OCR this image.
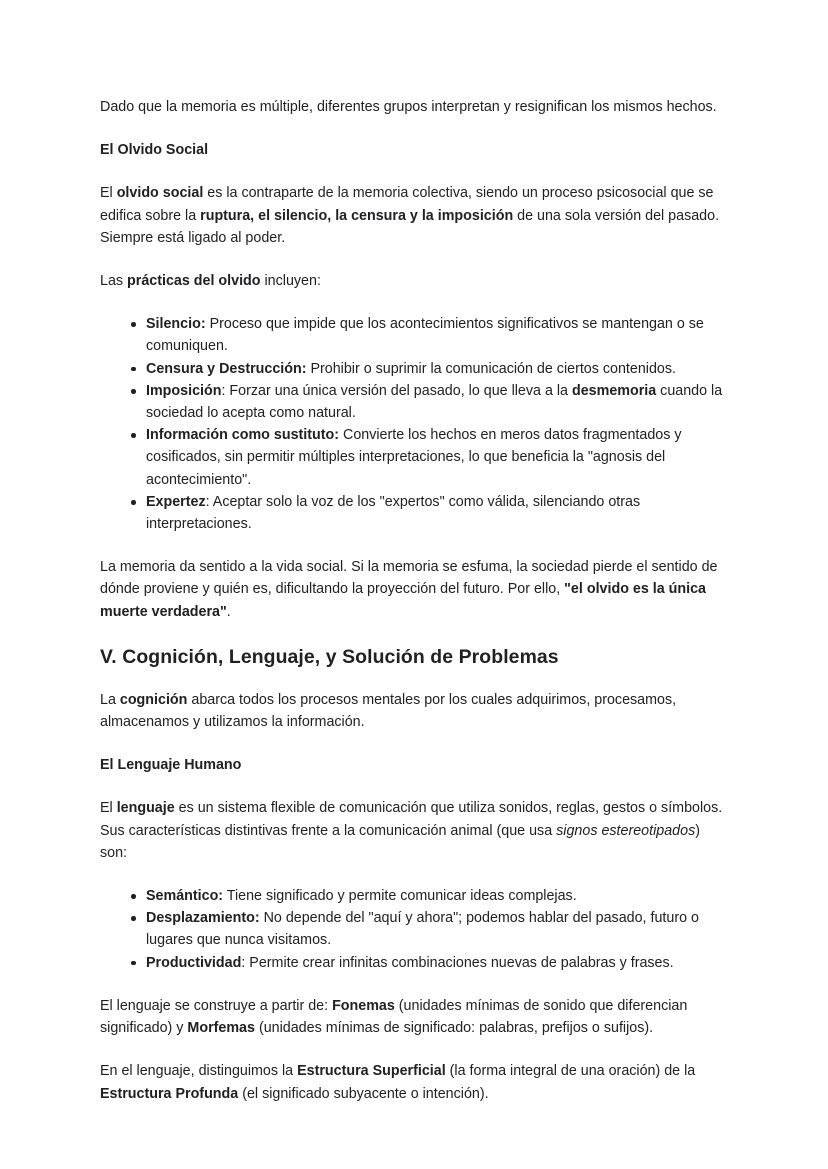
Dado que la memoria es múltiple, diferentes grupos interpretan y resignifican los mismos hechos.

El Olvido Social

El olvido social es la contraparte de la memoria colectiva, siendo un proceso psicosocial que se edifica sobre la ruptura, el silencio, la censura y la imposición de una sola versión del pasado. Siempre está ligado al poder.

Las prácticas del olvido incluyen:

Silencio: Proceso que impide que los acontecimientos significativos se mantengan o se comuniquen.
Censura y Destrucción: Prohibir o suprimir la comunicación de ciertos contenidos.
Imposición: Forzar una única versión del pasado, lo que lleva a la desmemoria cuando la sociedad lo acepta como natural.
Información como sustituto: Convierte los hechos en meros datos fragmentados y cosificados, sin permitir múltiples interpretaciones, lo que beneficia la "agnosis del acontecimiento".
Expertez: Aceptar solo la voz de los "expertos" como válida, silenciando otras interpretaciones.

La memoria da sentido a la vida social. Si la memoria se esfuma, la sociedad pierde el sentido de dónde proviene y quién es, dificultando la proyección del futuro. Por ello, "el olvido es la única muerte verdadera".

V. Cognición, Lenguaje, y Solución de Problemas

La cognición abarca todos los procesos mentales por los cuales adquirimos, procesamos, almacenamos y utilizamos la información.

El Lenguaje Humano

El lenguaje es un sistema flexible de comunicación que utiliza sonidos, reglas, gestos o símbolos. Sus características distintivas frente a la comunicación animal (que usa signos estereotipados) son:

Semántico: Tiene significado y permite comunicar ideas complejas.
Desplazamiento: No depende del "aquí y ahora"; podemos hablar del pasado, futuro o lugares que nunca visitamos.
Productividad: Permite crear infinitas combinaciones nuevas de palabras y frases.

El lenguaje se construye a partir de: Fonemas (unidades mínimas de sonido que diferencian significado) y Morfemas (unidades mínimas de significado: palabras, prefijos o sufijos).

En el lenguaje, distinguimos la Estructura Superficial (la forma integral de una oración) de la Estructura Profunda (el significado subyacente o intención).
